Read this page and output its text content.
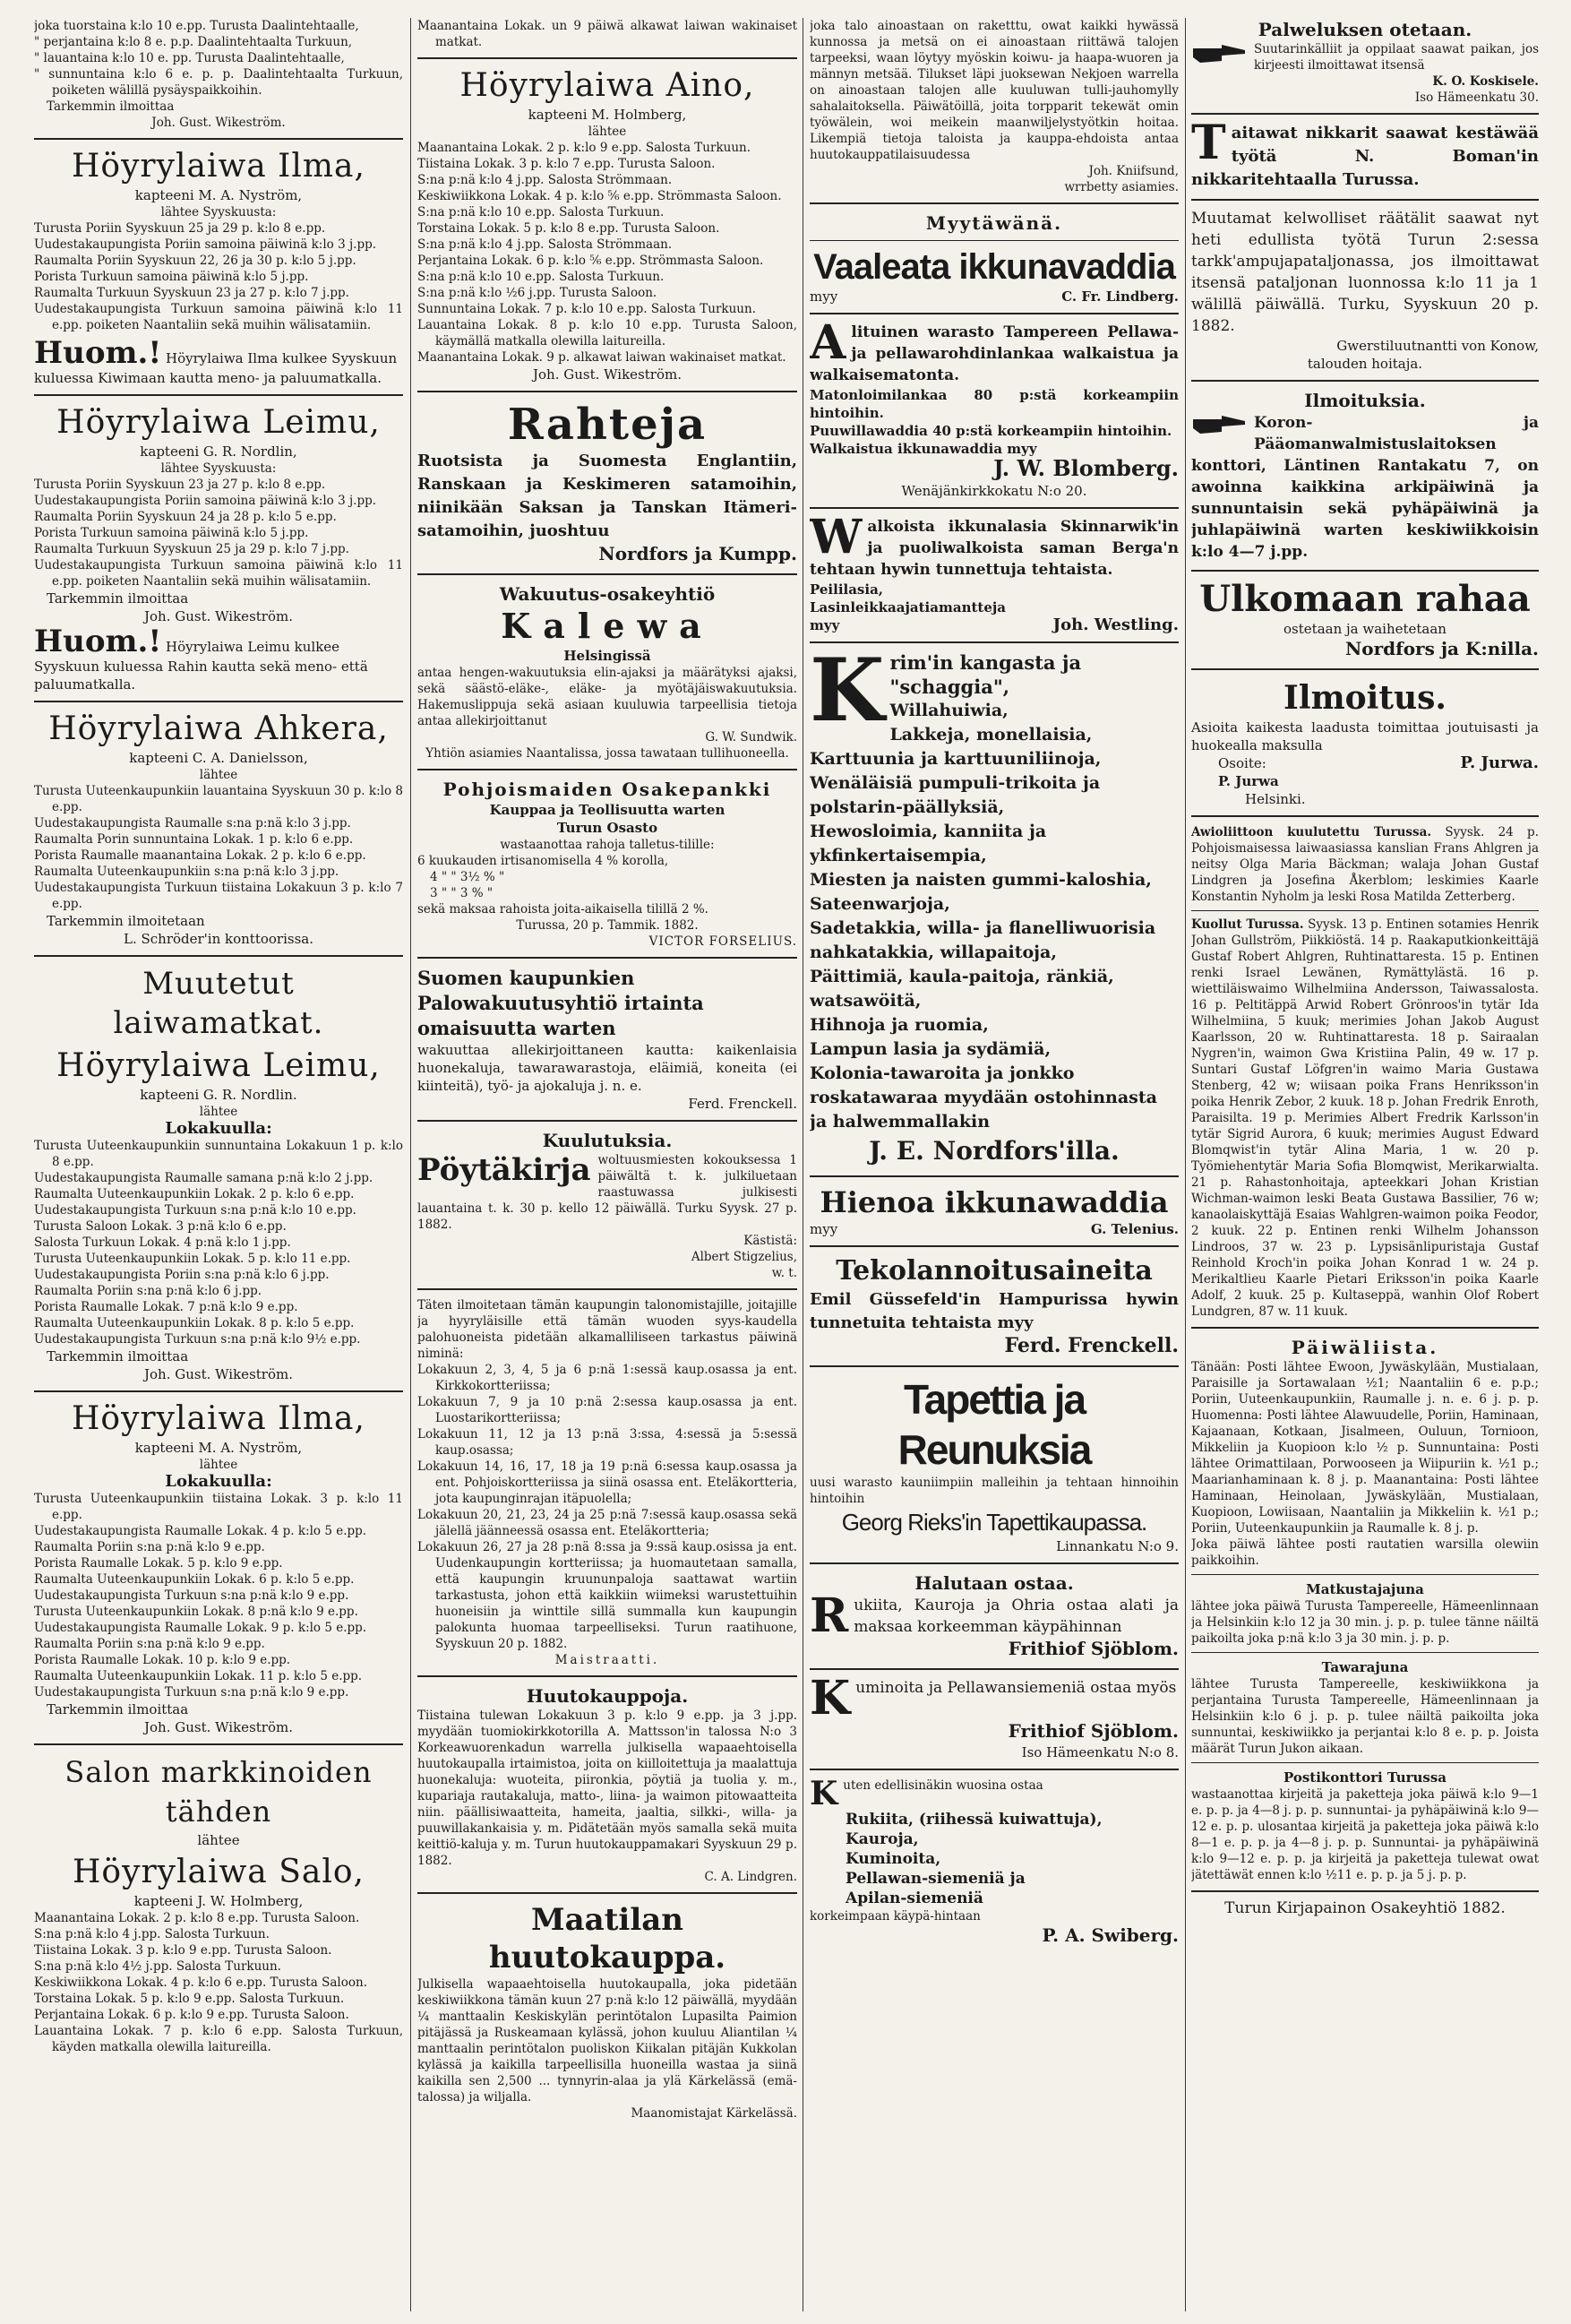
joka tuorstaina k:lo 10 e.pp. Turusta Daalintehtaalle,

" perjantaina k:lo 8 e. p.p. Daalintehtaalta Turkuun,

" lauantaina k:lo 10 e. pp. Turusta Daalintehtaalle,

" sunnuntaina k:lo 6 e. p. p. Daalintehtaalta Turkuun, poiketen wälillä pysäyspaikkoihin.

Tarkemmin ilmoittaa

Joh. Gust. Wikeström.

Höyrylaiwa Ilma,

kapteeni M. A. Nyström,

lähtee Syyskuusta:

Turusta Poriin Syyskuun 25 ja 29 p. k:lo 8 e.pp.

Uudestakaupungista Poriin samoina päiwinä k:lo 3 j.pp.

Raumalta Poriin Syyskuun 22, 26 ja 30 p. k:lo 5 j.pp.

Porista Turkuun samoina päiwinä k:lo 5 j.pp.

Raumalta Turkuun Syyskuun 23 ja 27 p. k:lo 7 j.pp.

Uudestakaupungista Turkuun samoina päiwinä k:lo 11 e.pp. poiketen Naantaliin sekä muihin wälisatamiin.

Huom.! Höyrylaiwa Ilma kulkee Syyskuun kuluessa Kiwimaan kautta meno- ja paluumatkalla.
Höyrylaiwa Leimu,

kapteeni G. R. Nordlin,

lähtee Syyskuusta:

Turusta Poriin Syyskuun 23 ja 27 p. k:lo 8 e.pp.

Uudestakaupungista Poriin samoina päiwinä k:lo 3 j.pp.

Raumalta Poriin Syyskuun 24 ja 28 p. k:lo 5 e.pp.

Porista Turkuun samoina päiwinä k:lo 5 j.pp.

Raumalta Turkuun Syyskuun 25 ja 29 p. k:lo 7 j.pp.

Uudestakaupungista Turkuun samoina päiwinä k:lo 11 e.pp. poiketen Naantaliin sekä muihin wälisatamiin.

Tarkemmin ilmoittaa

Joh. Gust. Wikeström.

Huom.! Höyrylaiwa Leimu kulkee Syyskuun kuluessa Rahin kautta sekä meno- että paluumatkalla.
Höyrylaiwa Ahkera,

kapteeni C. A. Danielsson,

lähtee

Turusta Uuteenkaupunkiin lauantaina Syyskuun 30 p. k:lo 8 e.pp.

Uudestakaupungista Raumalle s:na p:nä k:lo 3 j.pp.

Raumalta Porin sunnuntaina Lokak. 1 p. k:lo 6 e.pp.

Porista Raumalle maanantaina Lokak. 2 p. k:lo 6 e.pp.

Raumalta Uuteenkaupunkiin s:na p:nä k:lo 3 j.pp.

Uudestakaupungista Turkuun tiistaina Lokakuun 3 p. k:lo 7 e.pp.

Tarkemmin ilmoitetaan

L. Schröder'in konttoorissa.

Muutetut laiwamatkat.
Höyrylaiwa Leimu,

kapteeni G. R. Nordlin.

lähtee

Lokakuulla:

Turusta Uuteenkaupunkiin sunnuntaina Lokakuun 1 p. k:lo 8 e.pp.

Uudestakaupungista Raumalle samana p:nä k:lo 2 j.pp.

Raumalta Uuteenkaupunkiin Lokak. 2 p. k:lo 6 e.pp.

Uudestakaupungista Turkuun s:na p:nä k:lo 10 e.pp.

Turusta Saloon Lokak. 3 p:nä k:lo 6 e.pp.

Salosta Turkuun Lokak. 4 p:nä k:lo 1 j.pp.

Turusta Uuteenkaupunkiin Lokak. 5 p. k:lo 11 e.pp.

Uudestakaupungista Poriin s:na p:nä k:lo 6 j.pp.

Raumalta Poriin s:na p:nä k:lo 6 j.pp.

Porista Raumalle Lokak. 7 p:nä k:lo 9 e.pp.

Raumalta Uuteenkaupunkiin Lokak. 8 p. k:lo 5 e.pp.

Uudestakaupungista Turkuun s:na p:nä k:lo 9½ e.pp.

Tarkemmin ilmoittaa

Joh. Gust. Wikeström.

Höyrylaiwa Ilma,

kapteeni M. A. Nyström,

lähtee

Lokakuulla:

Turusta Uuteenkaupunkiin tiistaina Lokak. 3 p. k:lo 11 e.pp.

Uudestakaupungista Raumalle Lokak. 4 p. k:lo 5 e.pp.

Raumalta Poriin s:na p:nä k:lo 9 e.pp.

Porista Raumalle Lokak. 5 p. k:lo 9 e.pp.

Raumalta Uuteenkaupunkiin Lokak. 6 p. k:lo 5 e.pp.

Uudestakaupungista Turkuun s:na p:nä k:lo 9 e.pp.

Turusta Uuteenkaupunkiin Lokak. 8 p:nä k:lo 9 e.pp.

Uudestakaupungista Raumalle Lokak. 9 p. k:lo 5 e.pp.

Raumalta Poriin s:na p:nä k:lo 9 e.pp.

Porista Raumalle Lokak. 10 p. k:lo 9 e.pp.

Raumalta Uuteenkaupunkiin Lokak. 11 p. k:lo 5 e.pp.

Uudestakaupungista Turkuun s:na p:nä k:lo 9 e.pp.

Tarkemmin ilmoittaa

Joh. Gust. Wikeström.

Salon markkinoiden tähden

lähtee

Höyrylaiwa Salo,

kapteeni J. W. Holmberg,

Maanantaina Lokak. 2 p. k:lo 8 e.pp. Turusta Saloon.

S:na p:nä k:lo 4 j.pp. Salosta Turkuun.

Tiistaina Lokak. 3 p. k:lo 9 e.pp. Turusta Saloon.

S:na p:nä k:lo 4½ j.pp. Salosta Turkuun.

Keskiwiikkona Lokak. 4 p. k:lo 6 e.pp. Turusta Saloon.

Torstaina Lokak. 5 p. k:lo 9 e.pp. Salosta Turkuun.

Perjantaina Lokak. 6 p. k:lo 9 e.pp. Turusta Saloon.

Lauantaina Lokak. 7 p. k:lo 6 e.pp. Salosta Turkuun, käyden matkalla olewilla laitureilla.

Maanantaina Lokak. un 9 päiwä alkawat laiwan wakinaiset matkat.

Höyrylaiwa Aino,

kapteeni M. Holmberg,

lähtee

Maanantaina Lokak. 2 p. k:lo 9 e.pp. Salosta Turkuun.

Tiistaina Lokak. 3 p. k:lo 7 e.pp. Turusta Saloon.

S:na p:nä k:lo 4 j.pp. Salosta Strömmaan.

Keskiwiikkona Lokak. 4 p. k:lo ⅚ e.pp. Strömmasta Saloon.

S:na p:nä k:lo 10 e.pp. Salosta Turkuun.

Torstaina Lokak. 5 p. k:lo 8 e.pp. Turusta Saloon.

S:na p:nä k:lo 4 j.pp. Salosta Strömmaan.

Perjantaina Lokak. 6 p. k:lo ⅚ e.pp. Strömmasta Saloon.

S:na p:nä k:lo 10 e.pp. Salosta Turkuun.

S:na p:nä k:lo ½6 j.pp. Turusta Saloon.

Sunnuntaina Lokak. 7 p. k:lo 10 e.pp. Salosta Turkuun.

Lauantaina Lokak. 8 p. k:lo 10 e.pp. Turusta Saloon, käymällä matkalla olewilla laitureilla.

Maanantaina Lokak. 9 p. alkawat laiwan wakinaiset matkat.

Joh. Gust. Wikeström.

Rahteja

Ruotsista ja Suomesta Englantiin, Ranskaan ja Keskimeren satamoihin, niinikään Saksan ja Tanskan Itämeri-satamoihin, juoshtuu

Nordfors ja Kumpp.

Wakuutus-osakeyhtiö

Kalewa

Helsingissä

antaa hengen-wakuutuksia elin-ajaksi ja määrätyksi ajaksi, sekä säästö-eläke-, eläke- ja myötäjäiswakuutuksia. Hakemuslippuja sekä asiaan kuuluwia tarpeellisia tietoja antaa allekirjoittanut

G. W. Sundwik.

Yhtiön asiamies Naantalissa, jossa tawataan tullihuoneella.

Pohjoismaiden Osakepankki

Kauppaa ja Teollisuutta warten

Turun Osasto

wastaanottaa rahoja talletus-tilille:

6 kuukauden irtisanomisella 4 % korolla,

4 " " 3½ % "

3 " " 3 % "

sekä maksaa rahoista joita-aikaisella tilillä 2 %.

Turussa, 20 p. Tammik. 1882.

VICTOR FORSELIUS.

Suomen kaupunkien Palowakuutusyhtiö irtainta omaisuutta warten

wakuuttaa allekirjoittaneen kautta: kaikenlaisia huonekaluja, tawarawarastoja, eläimiä, koneita (ei kiinteitä), työ- ja ajokaluja j. n. e.

Ferd. Frenckell.

Kuulutuksia.

Pöytäkirja woltuusmiesten kokouksessa 1 päiwältä t. k. julkiluetaan raastuwassa julkisesti lauantaina t. k. 30 p. kello 12 päiwällä. Turku Syysk. 27 p. 1882.

Kästistä:

Albert Stigzelius,

w. t.

Täten ilmoitetaan tämän kaupungin talonomistajille, joitajille ja hyyryläisille että tämän wuoden syys-kaudella palohuoneista pidetään alkamalliliseen tarkastus päiwinä niminä:

Lokakuun 2, 3, 4, 5 ja 6 p:nä 1:sessä kaup.osassa ja ent. Kirkkokortteriissa;

Lokakuun 7, 9 ja 10 p:nä 2:sessa kaup.osassa ja ent. Luostarikortteriissa;

Lokakuun 11, 12 ja 13 p:nä 3:ssa, 4:sessä ja 5:sessä kaup.osassa;

Lokakuun 14, 16, 17, 18 ja 19 p:nä 6:sessa kaup.osassa ja ent. Pohjoiskortteriissa ja siinä osassa ent. Eteläkortteria, jota kaupunginrajan itäpuolella;

Lokakuun 20, 21, 23, 24 ja 25 p:nä 7:sessä kaup.osassa sekä jälellä jäänneessä osassa ent. Eteläkortteria;

Lokakuun 26, 27 ja 28 p:nä 8:ssa ja 9:ssä kaup.osissa ja ent. Uudenkaupungin kortteriissa; ja huomautetaan samalla, että kaupungin kruununpaloja saattawat wartiin tarkastusta, johon että kaikkiin wiimeksi warustettuihin huoneisiin ja winttile sillä summalla kun kaupungin palokunta huomaa tarpeelliseksi. Turun raatihuone, Syyskuun 20 p. 1882.

Maistraatti.

Huutokauppoja.

Tiistaina tulewan Lokakuun 3 p. k:lo 9 e.pp. ja 3 j.pp. myydään tuomiokirkkotorilla A. Mattsson'in talossa N:o 3 Korkeawuorenkadun warrella julkisella wapaaehtoisella huutokaupalla irtaimistoa, joita on kiilloitettuja ja maalattuja huonekaluja: wuoteita, piironkia, pöytiä ja tuolia y. m., kupariaja rautakaluja, matto-, liina- ja waimon pitowaatteita niin. päällisiwaatteita, hameita, jaaltia, silkki-, willa- ja puuwillakankaisia y. m. Pidätetään myös samalla sekä muita keittiö-kaluja y. m. Turun huutokauppamakari Syyskuun 29 p. 1882.

C. A. Lindgren.

Maatilan huutokauppa.

Julkisella wapaaehtoisella huutokaupalla, joka pidetään keskiwiikkona tämän kuun 27 p:nä k:lo 12 päiwällä, myydään ¼ manttaalin Keskiskylän perintötalon Lupasilta Paimion pitäjässä ja Ruskeamaan kylässä, johon kuuluu Aliantilan ¼ manttaalin perintötalon puoliskon Kiikalan pitäjän Kukkolan kylässä ja kaikilla tarpeellisilla huoneilla wastaa ja siinä kaikilla sen 2,500 ... tynnyrin-alaa ja ylä Kärkelässä (emä-talossa) ja wiljalla.

Maanomistajat Kärkelässä.

joka talo ainoastaan on raketttu, owat kaikki hywässä kunnossa ja metsä on ei ainoastaan riittäwä talojen tarpeeksi, waan löytyy myöskin koiwu- ja haapa-wuoren ja männyn metsää. Tilukset läpi juoksewan Nekjoen warrella on ainoastaan talojen alle kuuluwan tulli-jauhomylly sahalaitoksella. Päiwätöillä, joita torpparit tekewät omin työwälein, woi meikein maanwiljelystyötkin hoitaa. Likempiä tietoja taloista ja kauppa-ehdoista antaa huutokauppatilaisuudessa

Joh. Kniifsund,

wrrbetty asiamies.

Myytäwänä.

Vaaleata ikkunavaddia

myy	C. Fr. Lindberg.

A lituinen warasto Tampereen Pellawa- ja pellawarohdinlankaa walkaistua ja walkaisematonta.

Matonloimilankaa 80 p:stä korkeampiin hintoihin.

Puuwillawaddia 40 p:stä korkeampiin hintoihin.

Walkaistua ikkunawaddia myy

J. W. Blomberg.

Wenäjänkirkkokatu N:o 20.

W alkoista ikkunalasia Skinnarwik'in ja puoliwalkoista saman Berga'n tehtaan hywin tunnettuja tehtaista.

Peililasia,

Lasinleikkaajatiamantteja

myy	Joh. Westling.

K rim'in kangasta ja "schaggia",
Willahuiwia,
Lakkeja, monellaisia,
Karttuunia ja karttuuniliinoja,
Wenäläisiä pumpuli-trikoita ja polstarin-päällyksiä,
Hewosloimia, kanniita ja ykfinkertaisempia,
Miesten ja naisten gummi-kaloshia,
Sateenwarjoja,
Sadetakkia, willa- ja flanelliwuorisia nahkatakkia, willapaitoja,
Päittimiä, kaula-paitoja, ränkiä, watsawöitä,
Hihnoja ja ruomia,
Lampun lasia ja sydämiä,
Kolonia-tawaroita ja jonkko roskatawaraa myydään ostohinnasta ja halwemmallakin

J. E. Nordfors'illa.

Hienoa ikkunawaddia

myy	G. Telenius.

Tekolannoitusaineita

Emil Güssefeld'in Hampurissa hywin tunnetuita tehtaista myy

Ferd. Frenckell.

Tapettia ja Reunuksia

uusi warasto kauniimpiin malleihin ja tehtaan hinnoihin hintoihin

Georg Rieks'in Tapettikaupassa.

Linnankatu N:o 9.

Halutaan ostaa.

R ukiita, Kauroja ja Ohria ostaa alati ja maksaa korkeemman käypähinnan

Frithiof Sjöblom.

K uminoita ja Pellawansiemeniä ostaa myös

Frithiof Sjöblom.

Iso Hämeenkatu N:o 8.

K uten edellisinäkin wuosina ostaa

Rukiita, (riihessä kuiwattuja),
Kauroja,
Kuminoita,
Pellawan-siemeniä ja
Apilan-siemeniä

korkeimpaan käypä-hintaan

P. A. Swiberg.

Palweluksen otetaan.

Suutarinkälliit ja oppilaat saawat paikan, jos kirjeesti ilmoittawat itsensä

K. O. Koskisele.

Iso Hämeenkatu 30.

T aitawat nikkarit saawat kestäwää työtä N. Boman'in nikkaritehtaalla Turussa.

Muutamat kelwolliset räätälit saawat nyt heti edullista työtä Turun 2:sessa tarkk'ampujapataljonassa, jos ilmoittawat itsensä pataljonan luonnossa k:lo 11 ja 1 wälillä päiwällä. Turku, Syyskuun 20 p. 1882.

Gwerstiluutnantti von Konow,

talouden hoitaja.

Ilmoituksia.

Koron- ja Pääomanwalmistuslaitoksen konttori, Läntinen Rantakatu 7, on awoinna kaikkina arkipäiwinä ja sunnuntaisin sekä pyhäpäiwinä ja juhlapäiwinä warten keskiwiikkoisin k:lo 4—7 j.pp.

Ulkomaan rahaa

ostetaan ja waihetetaan

Nordfors ja K:nilla.

Ilmoitus.

Asioita kaikesta laadusta toimittaa joutuisasti ja huokealla maksulla

Osoite:	P. Jurwa.

P. Jurwa

Helsinki.

Awioliittoon kuulutettu Turussa. Syysk. 24 p. Pohjoismaisessa laiwaasiassa kanslian Frans Ahlgren ja neitsy Olga Maria Bäckman; walaja Johan Gustaf Lindgren ja Josefina Åkerblom; leskimies Kaarle Konstantin Nyholm ja leski Rosa Matilda Zetterberg.

Kuollut Turussa. Syysk. 13 p. Entinen sotamies Henrik Johan Gullström, Piikkiöstä. 14 p. Raakaputkionkeittäjä Gustaf Robert Ahlgren, Ruhtinattaresta. 15 p. Entinen renki Israel Lewänen, Rymättylästä. 16 p. wiettiläiswaimo Wilhelmiina Andersson, Taiwassalosta. 16 p. Peltitäppä Arwid Robert Grönroos'in tytär Ida Wilhelmiina, 5 kuuk; merimies Johan Jakob August Kaarlsson, 20 w. Ruhtinattaresta. 18 p. Sairaalan Nygren'in, waimon Gwa Kristiina Palin, 49 w. 17 p. Suntari Gustaf Löfgren'in waimo Maria Gustawa Stenberg, 42 w; wiisaan poika Frans Henriksson'in poika Henrik Zebor, 2 kuuk. 18 p. Johan Fredrik Enroth, Paraisilta. 19 p. Merimies Albert Fredrik Karlsson'in tytär Sigrid Aurora, 6 kuuk; merimies August Edward Blomqwist'in tytär Alina Maria, 1 w. 20 p. Työmiehentytär Maria Sofia Blomqwist, Merikarwialta. 21 p. Rahastonhoitaja, apteekkari Johan Kristian Wichman-waimon leski Beata Gustawa Bassilier, 76 w; kanaolaiskyttäjä Esaias Wahlgren-waimon poika Feodor, 2 kuuk. 22 p. Entinen renki Wilhelm Johansson Lindroos, 37 w. 23 p. Lypsisänlipuristaja Gustaf Reinhold Kroch'in poika Johan Konrad 1 w. 24 p. Merikaltlieu Kaarle Pietari Eriksson'in poika Kaarle Adolf, 2 kuuk. 25 p. Kultaseppä, wanhin Olof Robert Lundgren, 87 w. 11 kuuk.

Päiwäliista.

Tänään: Posti lähtee Ewoon, Jywäskylään, Mustialaan, Paraisille ja Sortawalaan ½1; Naantaliin 6 e. p.p.; Poriin, Uuteenkaupunkiin, Raumalle j. n. e. 6 j. p. p. Huomenna: Posti lähtee Alawuudelle, Poriin, Haminaan, Kajaanaan, Kotkaan, Jisalmeen, Ouluun, Tornioon, Mikkeliin ja Kuopioon k:lo ½ p. Sunnuntaina: Posti lähtee Orimattilaan, Porwooseen ja Wiipuriin k. ½1 p.; Maarianhaminaan k. 8 j. p. Maanantaina: Posti lähtee Haminaan, Heinolaan, Jywäskylään, Mustialaan, Kuopioon, Lowiisaan, Naantaliin ja Mikkeliin k. ½1 p.; Poriin, Uuteenkaupunkiin ja Raumalle k. 8 j. p.

Joka päiwä lähtee posti rautatien warsilla olewiin paikkoihin.

Matkustajajuna

lähtee joka päiwä Turusta Tampereelle, Hämeenlinnaan ja Helsinkiin k:lo 12 ja 30 min. j. p. p. tulee tänne näiltä paikoilta joka p:nä k:lo 3 ja 30 min. j. p. p.

Tawarajuna

lähtee Turusta Tampereelle, keskiwiikkona ja perjantaina Turusta Tampereelle, Hämeenlinnaan ja Helsinkiin k:lo 6 j. p. p. tulee näiltä paikoilta joka sunnuntai, keskiwiikko ja perjantai k:lo 8 e. p. p. Joista määrät Turun Jukon aikaan.

Postikonttori Turussa

wastaanottaa kirjeitä ja paketteja joka päiwä k:lo 9—1 e. p. p. ja 4—8 j. p. p. sunnuntai- ja pyhäpäiwinä k:lo 9—12 e. p. p. ulosantaa kirjeitä ja paketteja joka päiwä k:lo 8—1 e. p. p. ja 4—8 j. p. p. Sunnuntai- ja pyhäpäiwinä k:lo 9—12 e. p. p. ja kirjeitä ja paketteja tulewat owat jätettäwät ennen k:lo ½11 e. p. p. ja 5 j. p. p.

Turun Kirjapainon Osakeyhtiö 1882.
